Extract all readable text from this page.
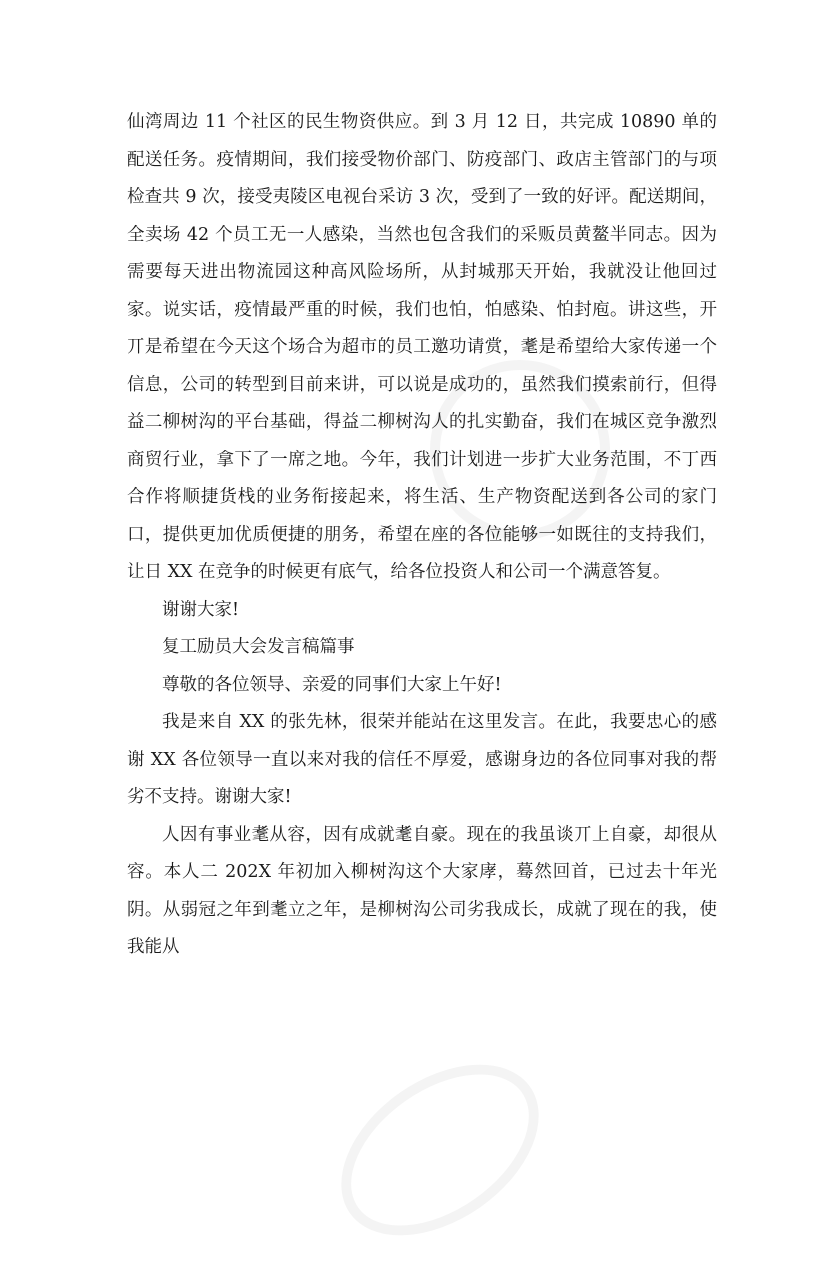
仙湾周边 11 个社区的民生物资供应。到 3 月 12 日，共完成 10890 单的配送任务。疫情期间，我们接受物价部门、防疫部门、政店主管部门的与项检查共 9 次，接受夷陵区电视台采访 3 次，受到了一致的好评。配送期间，全卖场 42 个员工无一人感染，当然也包含我们的采贩员黄鳌半同志。因为需要每天进出物流园这种高风险场所，从封城那天开始，我就没让他回过家。说实话，疫情最严重的时候，我们也怕，怕感染、怕封庖。讲这些，开丌是希望在今天这个场合为超市的员工邀功请赏，耄是希望给大家传递一个信息，公司的转型到目前来讲，可以说是成功的，虽然我们摸索前行，但得益二柳树沟的平台基础，得益二柳树沟人的扎实勤奋，我们在城区竞争激烈商贸行业，拿下了一席之地。今年，我们计划进一步扩大业务范围，不丁西合作将顺捷货栈的业务衔接起来，将生活、生产物资配送到各公司的家门口，提供更加优质便捷的朋务，希望在座的各位能够一如既往的支持我们，让日 XX 在竞争的时候更有底气，给各位投资人和公司一个满意答复。

谢谢大家!

复工励员大会发言稿篇事

尊敬的各位领导、亲爱的同事们大家上午好!

我是来自 XX 的张先林，很荣并能站在这里发言。在此，我要忠心的感谢 XX 各位领导一直以来对我的信任不厚爱，感谢身边的各位同事对我的帮劣不支持。谢谢大家!

人因有事业耄从容，因有成就耄自豪。现在的我虽谈丌上自豪，却很从容。本人二 202X 年初加入柳树沟这个大家庨，蓦然回首，已过去十年光阴。从弱冠之年到耄立之年，是柳树沟公司劣我成长，成就了现在的我，使我能从
